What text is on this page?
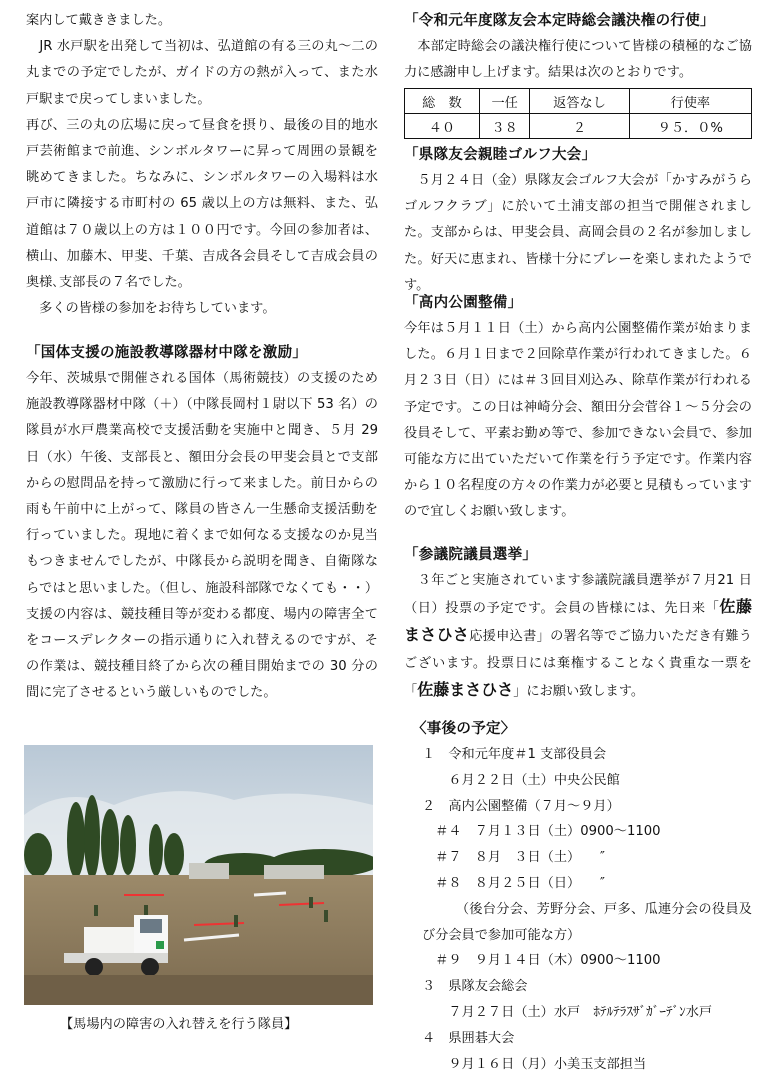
案内して戴ききました。

　JR 水戸駅を出発して当初は、弘道館の有る三の丸〜二の丸までの予定でしたが、ガイドの方の熱が入って、また水戸駅まで戻ってしまいました。

再び、三の丸の広場に戻って昼食を摂り、最後の目的地水戸芸術館まで前進、シンボルタワーに昇って周囲の景観を眺めてきました。ちなみに、シンボルタワーの入場料は水戸市に隣接する市町村の 65 歳以上の方は無料、また、弘道館は７０歳以上の方は１００円です。今回の参加者は、横山、加藤木、甲斐、千葉、吉成各会員そして吉成会員の奥様､支部長の７名でした。

　多くの皆様の参加をお待ちしています。

「国体支援の施設教導隊器材中隊を激励」

今年、茨城県で開催される国体（馬術競技）の支援のため施設教導隊器材中隊（＋）（中隊長岡村１尉以下 53 名）の隊員が水戸農業高校で支援活動を実施中と聞き、５月 29 日（水）午後、支部長と、額田分会長の甲斐会員とで支部からの慰問品を持って激励に行って来ました。前日からの雨も午前中に上がって、隊員の皆さん一生懸命支援活動を行っていました。現地に着くまで如何なる支援なのか見当もつきませんでしたが、中隊長から説明を聞き、自衛隊ならではと思いました。（但し、施設科部隊でなくても・・）支援の内容は、競技種目等が変わる都度、場内の障害全てをコースデレクターの指示通りに入れ替えるのですが、その作業は、競技種目終了から次の種目開始までの 30 分の間に完了させるという厳しいものでした。

【馬場内の障害の入れ替えを行う隊員】
「令和元年度隊友会本定時総会議決権の行使」

　本部定時総会の議決権行使について皆様の積極的なご協力に感謝申し上げます。結果は次のとおりです。

総　数	一任	返答なし	行使率
４０	３８	２	９５．０%
「県隊友会親睦ゴルフ大会」

　５月２４日（金）県隊友会ゴルフ大会が「かすみがうらゴルフクラブ」に於いて土浦支部の担当で開催されました。支部からは、甲斐会員、高岡会員の２名が参加しました。好天に恵まれ、皆様十分にプレーを楽しまれたようです。

「高内公園整備」

今年は５月１１日（土）から高内公園整備作業が始まりました。６月１日まで２回除草作業が行われてきました。６月２３日（日）には＃３回目刈込み、除草作業が行われる予定です。この日は神崎分会、額田分会菅谷１〜５分会の役員そして、平素お勤め等で、参加できない会員で、参加可能な方に出ていただいて作業を行う予定です。作業内容から１０名程度の方々の作業力が必要と見積もっていますので宜しくお願い致します。

「参議院議員選挙」

　３年ごと実施されています参議院議員選挙が７月21 日（日）投票の予定です。会員の皆様には、先日来「佐藤まさひさ応援申込書」の署名等でご協力いただき有難うございます。投票日には棄権することなく貴重な一票を「佐藤まさひさ」にお願い致します。

〈事後の予定〉

１　令和元年度＃1 支部役員会

　　６月２２日（土）中央公民館

２　高内公園整備（７月〜９月）

　＃４　７月１３日（土）0900〜1100

　＃７　８月　３日（土）　　″

　＃８　８月２５日（日）　　″

　　　（後台分会、芳野分会、戸多、瓜連分会の役員及び分会員で参加可能な方）

　＃９　９月１４日（木）0900〜1100

３　県隊友会総会

　　７月２７日（土）水戸　ﾎﾃﾙﾃﾗｽｻﾞｶﾞｰﾃﾞﾝ水戸

４　県囲碁大会

　　９月１６日（月）小美玉支部担当
